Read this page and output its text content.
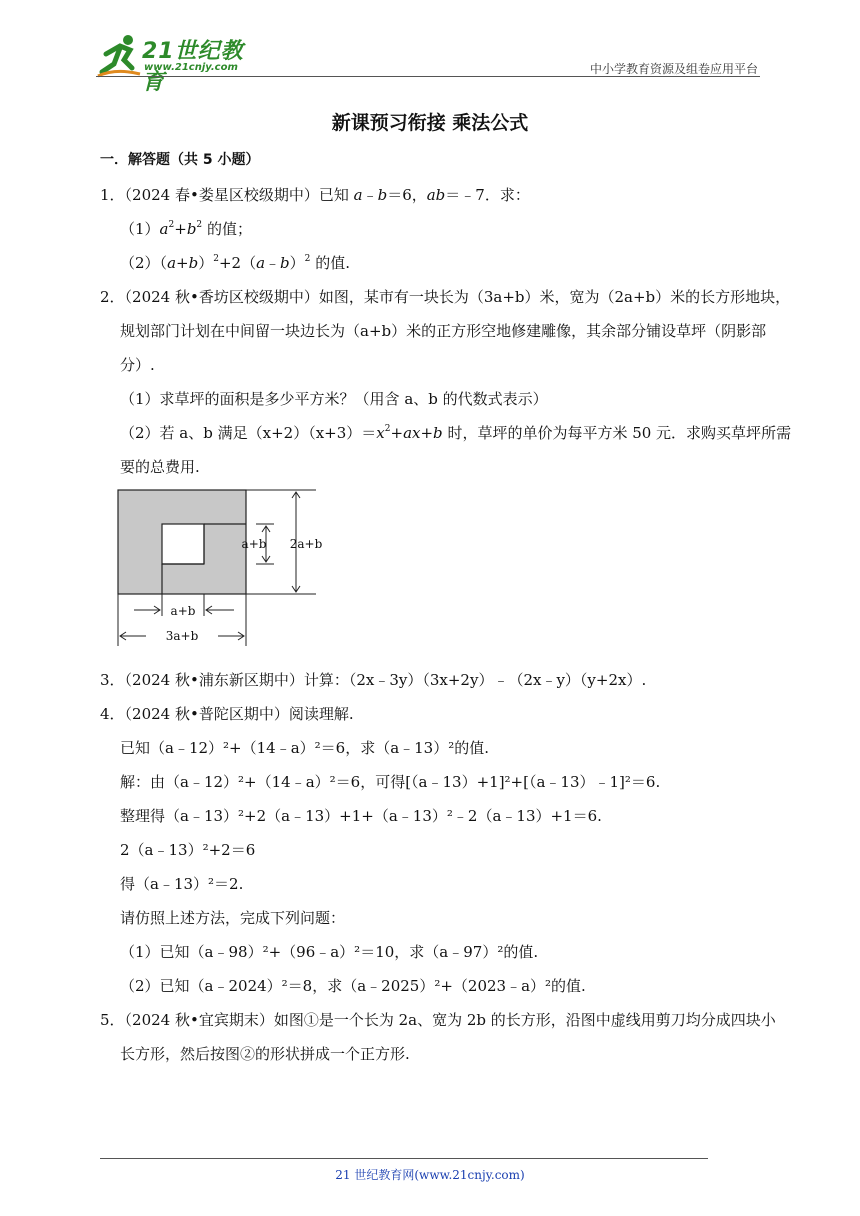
21世纪教育
www.21cnjy.com	中小学教育资源及组卷应用平台
新课预习衔接 乘法公式
一．解答题（共 5 小题）
1．（2024 春•娄星区校级期中）已知 a﹣b＝6，ab＝﹣7．求：
$(1)a^2+b^2$ 的值；
$(2)(a+b)^2+2(a﹣b)^2$ 的值.
2．（2024 秋•香坊区校级期中）如图，某市有一块长为（3a+b）米，宽为（2a+b）米的长方形地块，
规划部门计划在中间留一块边长为（a+b）米的正方形空地修建雕像，其余部分铺设草坪（阴影部
分）.
（1）求草坪的面积是多少平方米？（用含 a、b 的代数式表示）
（2）若 a、b 满足$(x+2)(x+3)=x^2+ax+b$ 时，草坪的单价为每平方米 50 元．求购买草坪所需
要的总费用.
a+b 2a+b
a+b
3a+b
3．（2024 秋•浦东新区期中）计算：（2x﹣3y）（3x+2y）﹣（2x﹣y）（y+2x）.
4．（2024 秋•普陀区期中）阅读理解.
已知（a﹣12）²+（14﹣a）²＝6，求（a﹣13）²的值.
解：由（a﹣12）²+（14﹣a）²＝6，可得[（a﹣13）+1]²+[（a﹣13）﹣1]²＝6.
整理得（a﹣13）²+2（a﹣13）+1+（a﹣13）²﹣2（a﹣13）+1＝6.
2（a﹣13）²+2＝6
得（a﹣13）²＝2.
请仿照上述方法，完成下列问题：
（1）已知（a﹣98）²+（96﹣a）²＝10，求（a﹣97）²的值.
（2）已知（a﹣2024）²＝8，求（a﹣2025）²+（2023﹣a）²的值.
5．（2024 秋•宜宾期末）如图①是一个长为 2a、宽为 2b 的长方形，沿图中虚线用剪刀均分成四块小
长方形，然后按图②的形状拼成一个正方形.
21 世纪教育网(www.21cnjy.com)
